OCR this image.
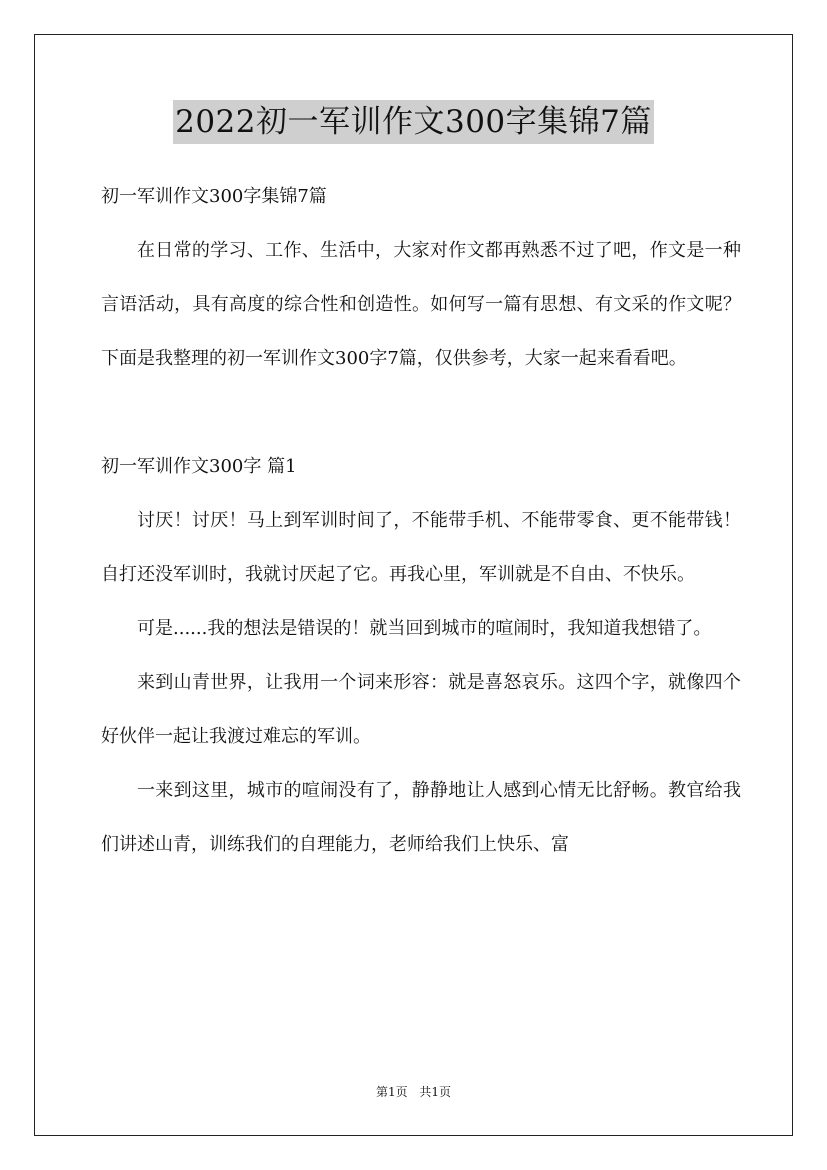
2022初一军训作文300字集锦7篇

初一军训作文300字集锦7篇

在日常的学习、工作、生活中，大家对作文都再熟悉不过了吧，作文是一种言语活动，具有高度的综合性和创造性。如何写一篇有思想、有文采的作文呢？下面是我整理的初一军训作文300字7篇，仅供参考，大家一起来看看吧。

初一军训作文300字 篇1

讨厌！讨厌！马上到军训时间了，不能带手机、不能带零食、更不能带钱！自打还没军训时，我就讨厌起了它。再我心里，军训就是不自由、不快乐。

可是......我的想法是错误的！就当回到城市的喧闹时，我知道我想错了。

来到山青世界，让我用一个词来形容：就是喜怒哀乐。这四个字，就像四个好伙伴一起让我渡过难忘的军训。

一来到这里，城市的喧闹没有了，静静地让人感到心情无比舒畅。教官给我们讲述山青，训练我们的自理能力，老师给我们上快乐、富

第1页 共1页
